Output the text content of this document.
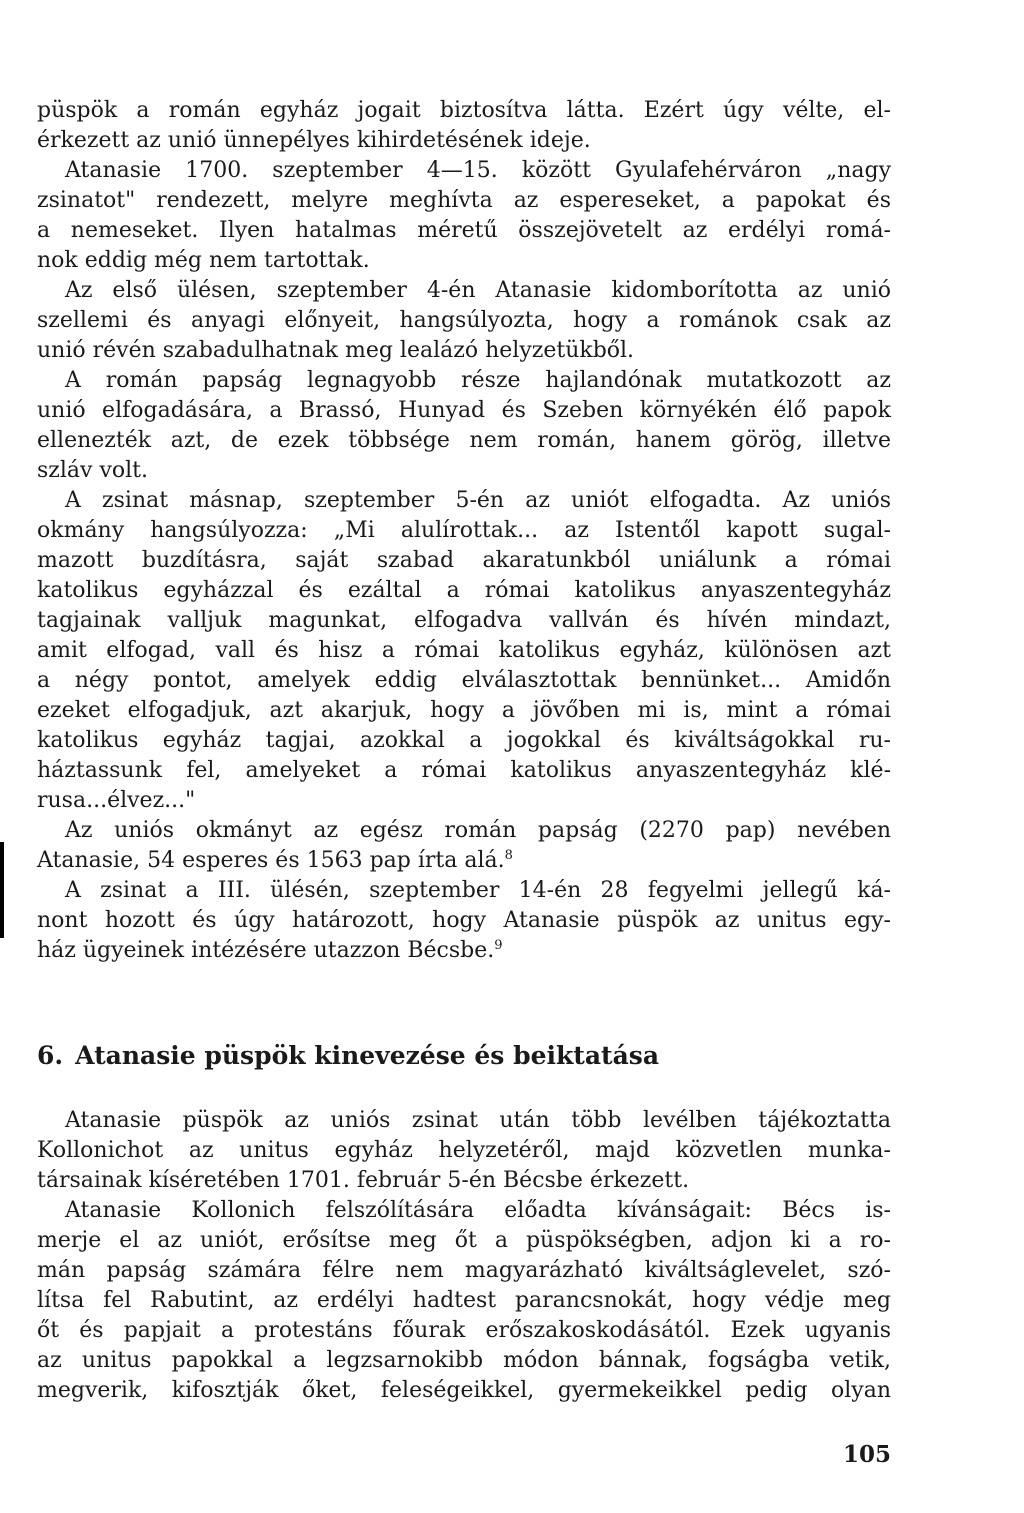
püspök a román egyház jogait biztosítva látta. Ezért úgy vélte, el-

érkezett az unió ünnepélyes kihirdetésének ideje.

Atanasie 1700. szeptember 4—15. között Gyulafehérváron „nagy

zsinatot" rendezett, melyre meghívta az espereseket, a papokat és

a nemeseket. Ilyen hatalmas méretű összejövetelt az erdélyi romá-

nok eddig még nem tartottak.

Az első ülésen, szeptember 4-én Atanasie kidomborította az unió

szellemi és anyagi előnyeit, hangsúlyozta, hogy a románok csak az

unió révén szabadulhatnak meg lealázó helyzetükből.

A román papság legnagyobb része hajlandónak mutatkozott az

unió elfogadására, a Brassó, Hunyad és Szeben környékén élő papok

ellenezték azt, de ezek többsége nem román, hanem görög, illetve

szláv volt.

A zsinat másnap, szeptember 5-én az uniót elfogadta. Az uniós

okmány hangsúlyozza: „Mi alulírottak... az Istentől kapott sugal-

mazott buzdításra, saját szabad akaratunkból uniálunk a római

katolikus egyházzal és ezáltal a római katolikus anyaszentegyház

tagjainak valljuk magunkat, elfogadva vallván és hívén mindazt,

amit elfogad, vall és hisz a római katolikus egyház, különösen azt

a négy pontot, amelyek eddig elválasztottak bennünket... Amidőn

ezeket elfogadjuk, azt akarjuk, hogy a jövőben mi is, mint a római

katolikus egyház tagjai, azokkal a jogokkal és kiváltságokkal ru-

háztassunk fel, amelyeket a római katolikus anyaszentegyház klé-

rusa...élvez..."

Az uniós okmányt az egész román papság (2270 pap) nevében

Atanasie, 54 esperes és 1563 pap írta alá.$^8$

A zsinat a III. ülésén, szeptember 14-én 28 fegyelmi jellegű ká-

nont hozott és úgy határozott, hogy Atanasie püspök az unitus egy-

ház ügyeinek intézésére utazzon Bécsbe.$^9$

6. Atanasie püspök kinevezése és beiktatása

Atanasie püspök az uniós zsinat után több levélben tájékoztatta

Kollonichot az unitus egyház helyzetéről, majd közvetlen munka-

társainak kíséretében 1701. február 5-én Bécsbe érkezett.

Atanasie Kollonich felszólítására előadta kívánságait: Bécs is-

merje el az uniót, erősítse meg őt a püspökségben, adjon ki a ro-

mán papság számára félre nem magyarázható kiváltságlevelet, szó-

lítsa fel Rabutint, az erdélyi hadtest parancsnokát, hogy védje meg

őt és papjait a protestáns főurak erőszakoskodásától. Ezek ugyanis

az unitus papokkal a legzsarnokibb módon bánnak, fogságba vetik,

megverik, kifosztják őket, feleségeikkel, gyermekeikkel pedig olyan

105
